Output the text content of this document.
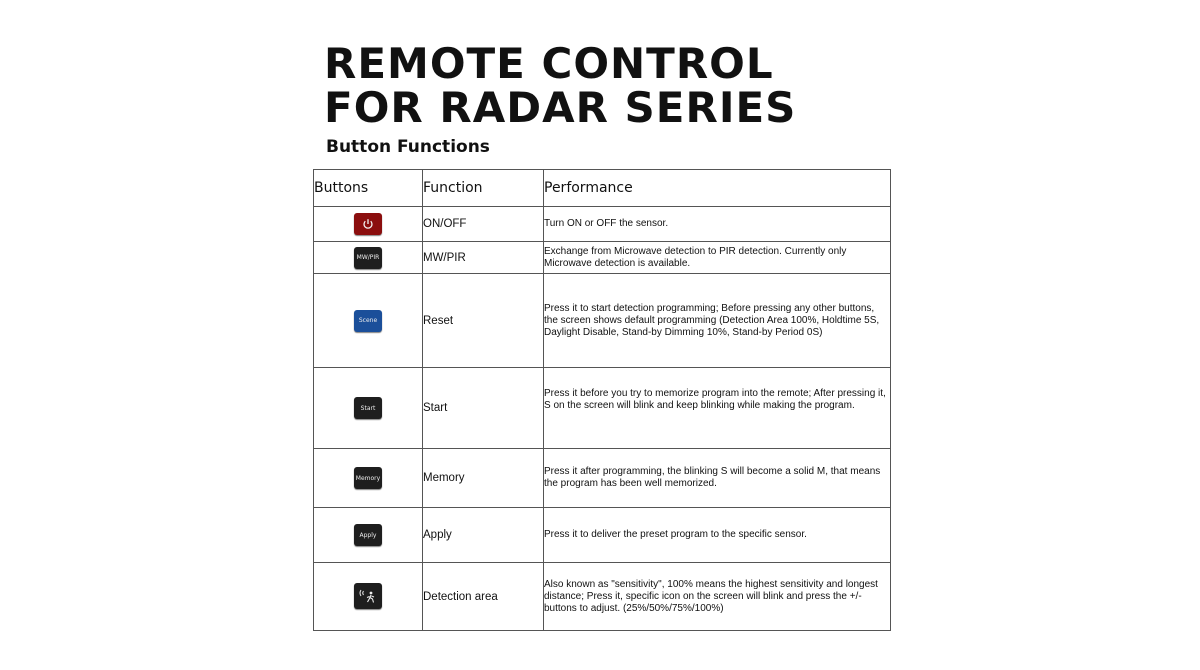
REMOTE CONTROL
FOR RADAR SERIES
Button Functions
Buttons	Function	Performance

	ON/OFF	Turn ON or OFF the sensor.
MW/PIR	MW/PIR	Exchange from Microwave detection to PIR detection. Currently only Microwave detection is available.
Scene	Reset	Press it to start detection programming; Before pressing any other buttons, the screen shows default programming (Detection Area 100%, Holdtime 5S, Daylight Disable, Stand-by Dimming 10%, Stand-by Period 0S)
Start	Start	Press it before you try to memorize program into the remote; After pressing it, S on the screen will blink and keep blinking while making the program.
Memory	Memory	Press it after programming, the blinking S will become a solid M, that means the program has been well memorized.
Apply	Apply	Press it to deliver the preset program to the specific sensor.

	Detection area	Also known as "sensitivity", 100% means the highest sensitivity and longest distance; Press it, specific icon on the screen will blink and press the +/- buttons to adjust. (25%/50%/75%/100%)
